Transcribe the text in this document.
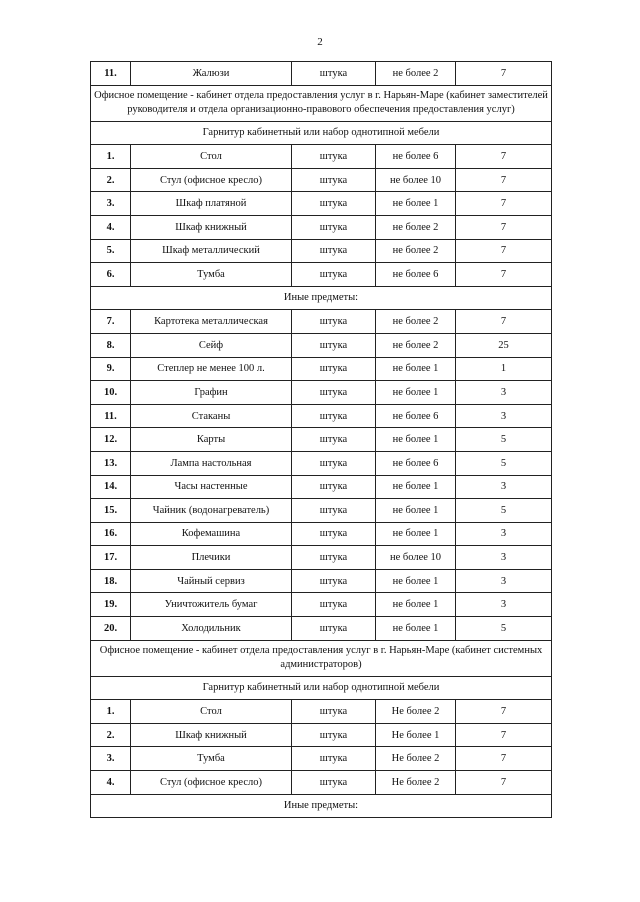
2
11.	Жалюзи	штука	не более 2	7
Офисное помещение - кабинет отдела предоставления услуг в г. Нарьян-Маре (кабинет заместителей руководителя и отдела организационно-правового обеспечения предоставления услуг)				
Гарнитур кабинетный или набор однотипной мебели				
1.	Стол	штука	не более 6	7
2.	Стул (офисное кресло)	штука	не более 10	7
3.	Шкаф платяной	штука	не более 1	7
4.	Шкаф книжный	штука	не более 2	7
5.	Шкаф металлический	штука	не более 2	7
6.	Тумба	штука	не более 6	7
Иные предметы:				
7.	Картотека металлическая	штука	не более 2	7
8.	Сейф	штука	не более 2	25
9.	Степлер не менее 100 л.	штука	не более 1	1
10.	Графин	штука	не более 1	3
11.	Стаканы	штука	не более 6	3
12.	Карты	штука	не более 1	5
13.	Лампа настольная	штука	не более 6	5
14.	Часы настенные	штука	не более 1	3
15.	Чайник (водонагреватель)	штука	не более 1	5
16.	Кофемашина	штука	не более 1	3
17.	Плечики	штука	не более 10	3
18.	Чайный сервиз	штука	не более 1	3
19.	Уничтожитель бумаг	штука	не более 1	3
20.	Холодильник	штука	не более 1	5
Офисное помещение - кабинет отдела предоставления услуг в г. Нарьян-Маре (кабинет системных администраторов)				
Гарнитур кабинетный или набор однотипной мебели				
1.	Стол	штука	Не более 2	7
2.	Шкаф книжный	штука	Не более 1	7
3.	Тумба	штука	Не более 2	7
4.	Стул (офисное кресло)	штука	Не более 2	7
Иные предметы:				
